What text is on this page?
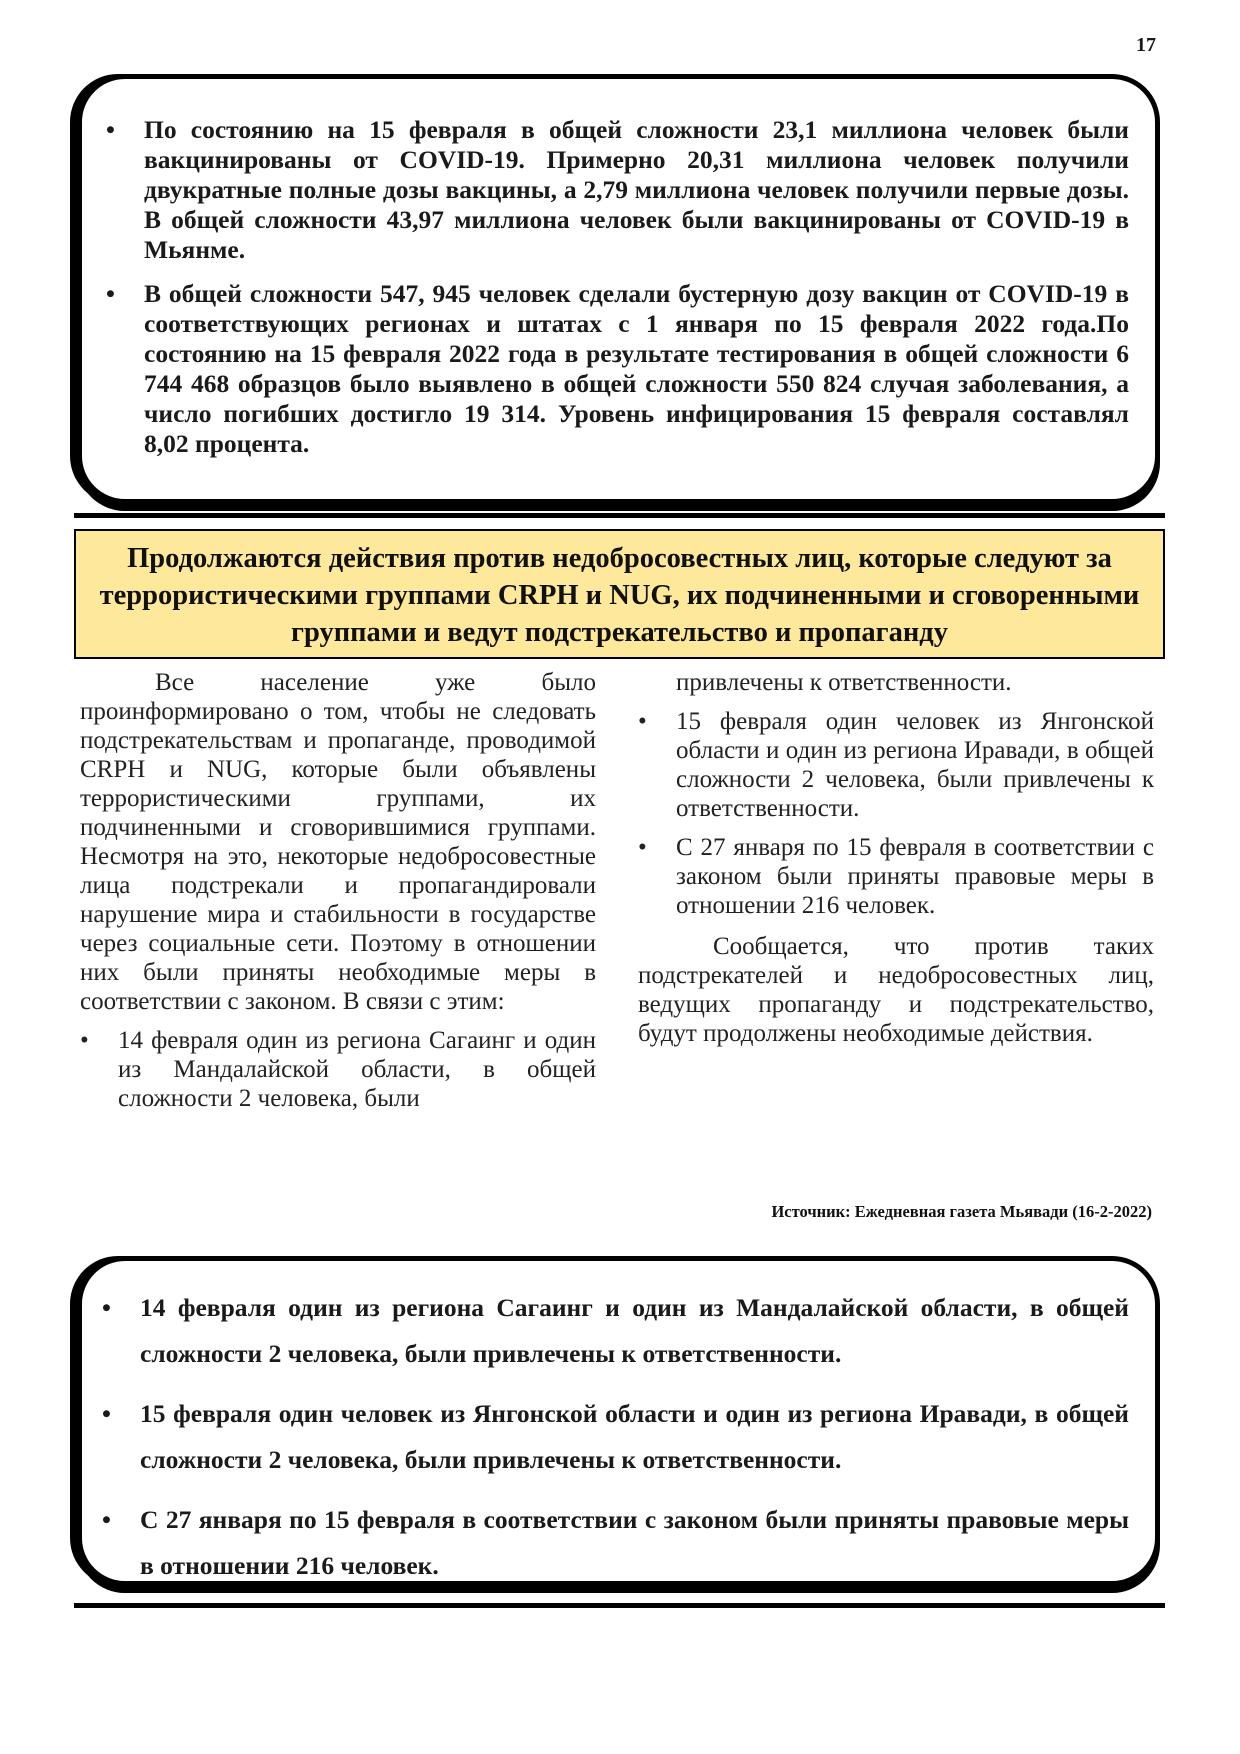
17
• По состоянию на 15 февраля в общей сложности 23,1 миллиона человек были вакцинированы от COVID-19. Примерно 20,31 миллиона человек получили двукратные полные дозы вакцины, а 2,79 миллиона человек получили первые дозы. В общей сложности 43,97 миллиона человек были вакцинированы от COVID-19 в Мьянме.
• В общей сложности 547, 945 человек сделали бустерную дозу вакцин от COVID-19 в соответствующих регионах и штатах с 1 января по 15 февраля 2022 года.По состоянию на 15 февраля 2022 года в результате тестирования в общей сложности 6 744 468 образцов было выявлено в общей сложности 550 824 случая заболевания, а число погибших достигло 19 314. Уровень инфицирования 15 февраля составлял 8,02 процента.
Продолжаются действия против недобросовестных лиц, которые следуют за террористическими группами CRPH и NUG, их подчиненными и сговоренными группами и ведут подстрекательство и пропаганду

Все население уже было проинформировано о том, чтобы не следовать подстрекательствам и пропаганде, проводимой CRPH и NUG, которые были объявлены террористическими группами, их подчиненными и сговорившимися группами. Несмотря на это, некоторые недобросовестные лица подстрекали и пропагандировали нарушение мира и стабильности в государстве через социальные сети. Поэтому в отношении них были приняты необходимые меры в соответствии с законом. В связи с этим:

• 14 февраля один из региона Сагаинг и один из Мандалайской области, в общей сложности 2 человека, были

привлечены к ответственности.

• 15 февраля один человек из Янгонской области и один из региона Иравади, в общей сложности 2 человека, были привлечены к ответственности.
• С 27 января по 15 февраля в соответствии с законом были приняты правовые меры в отношении 216 человек.

Сообщается, что против таких подстрекателей и недобросовестных лиц, ведущих пропаганду и подстрекательство, будут продолжены необходимые действия.

Источник: Ежедневная газета Мьявади (16-2-2022)
• 14 февраля один из региона Сагаинг и один из Мандалайской области, в общей сложности 2 человека, были привлечены к ответственности.
• 15 февраля один человек из Янгонской области и один из региона Иравади, в общей сложности 2 человека, были привлечены к ответственности.
• С 27 января по 15 февраля в соответствии с законом были приняты правовые меры в отношении 216 человек.
